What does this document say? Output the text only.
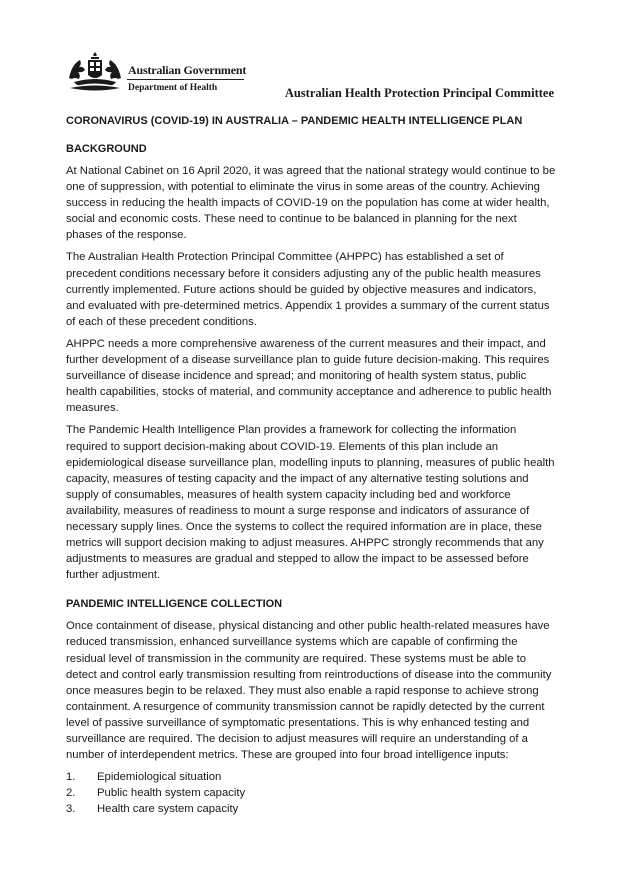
Australian Government
Department of Health	Australian Health Protection Principal Committee

CORONAVIRUS (COVID-19) IN AUSTRALIA – PANDEMIC HEALTH INTELLIGENCE PLAN

BACKGROUND

At National Cabinet on 16 April 2020, it was agreed that the national strategy would continue to be one of suppression, with potential to eliminate the virus in some areas of the country. Achieving success in reducing the health impacts of COVID-19 on the population has come at wider health, social and economic costs. These need to continue to be balanced in planning for the next phases of the response.

The Australian Health Protection Principal Committee (AHPPC) has established a set of precedent conditions necessary before it considers adjusting any of the public health measures currently implemented. Future actions should be guided by objective measures and indicators, and evaluated with pre-determined metrics. Appendix 1 provides a summary of the current status of each of these precedent conditions.

AHPPC needs a more comprehensive awareness of the current measures and their impact, and further development of a disease surveillance plan to guide future decision-making. This requires surveillance of disease incidence and spread; and monitoring of health system status, public health capabilities, stocks of material, and community acceptance and adherence to public health measures.

The Pandemic Health Intelligence Plan provides a framework for collecting the information required to support decision-making about COVID-19. Elements of this plan include an epidemiological disease surveillance plan, modelling inputs to planning, measures of public health capacity, measures of testing capacity and the impact of any alternative testing solutions and supply of consumables, measures of health system capacity including bed and workforce availability, measures of readiness to mount a surge response and indicators of assurance of necessary supply lines. Once the systems to collect the required information are in place, these metrics will support decision making to adjust measures. AHPPC strongly recommends that any adjustments to measures are gradual and stepped to allow the impact to be assessed before further adjustment.

PANDEMIC INTELLIGENCE COLLECTION

Once containment of disease, physical distancing and other public health-related measures have reduced transmission, enhanced surveillance systems which are capable of confirming the residual level of transmission in the community are required. These systems must be able to detect and control early transmission resulting from reintroductions of disease into the community once measures begin to be relaxed. They must also enable a rapid response to achieve strong containment. A resurgence of community transmission cannot be rapidly detected by the current level of passive surveillance of symptomatic presentations. This is why enhanced testing and surveillance are required. The decision to adjust measures will require an understanding of a number of interdependent metrics. These are grouped into four broad intelligence inputs:

1.	Epidemiological situation
2.	Public health system capacity
3.	Health care system capacity
